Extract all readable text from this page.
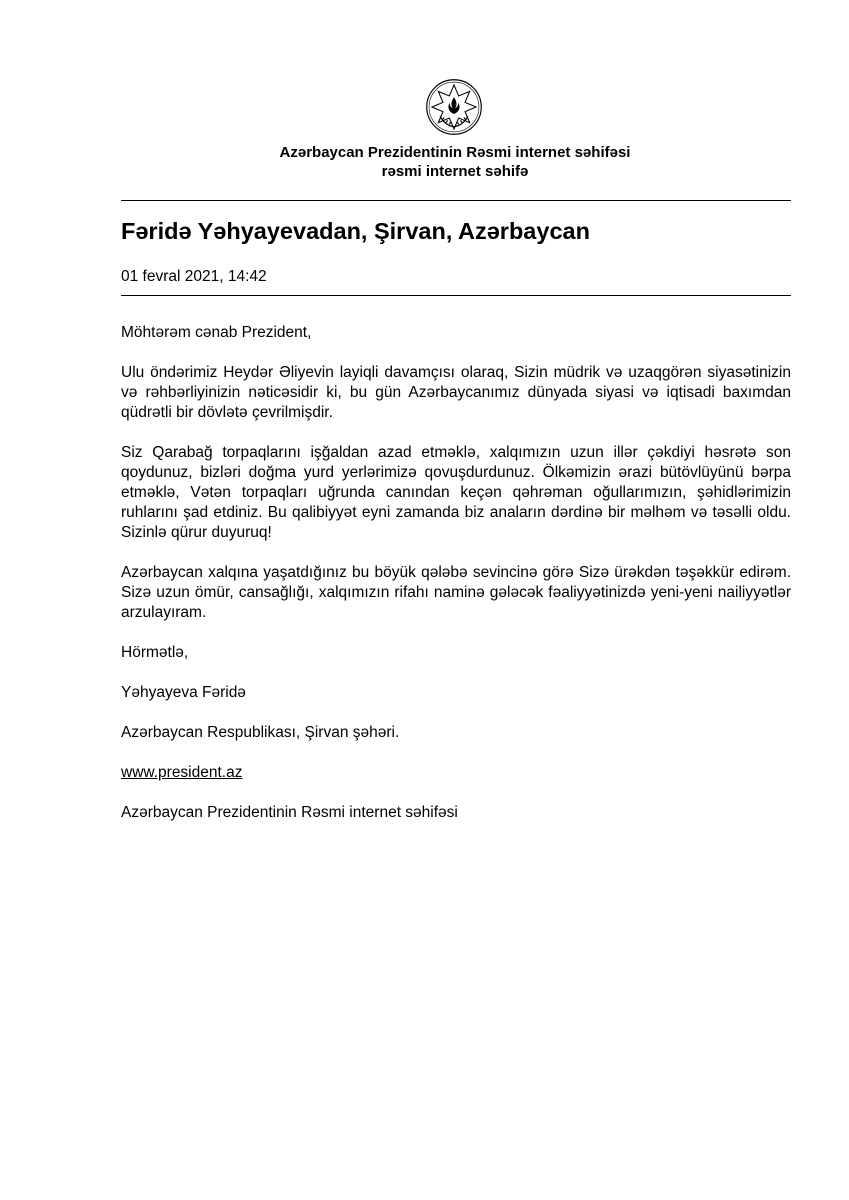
Azərbaycan Prezidentinin Rəsmi internet səhifəsi
rəsmi internet səhifə
Fəridə Yəhyayevadan, Şirvan, Azərbaycan
01 fevral 2021, 14:42
Möhtərəm cənab Prezident,
Ulu öndərimiz Heydər Əliyevin layiqli davamçısı olaraq, Sizin müdrik və uzaqgörən siyasətinizin və rəhbərliyinizin nəticəsidir ki, bu gün Azərbaycanımız dünyada siyasi və iqtisadi baxımdan qüdrətli bir dövlətə çevrilmişdir.
Siz Qarabağ torpaqlarını işğaldan azad etməklə, xalqımızın uzun illər çəkdiyi həsrətə son qoydunuz, bizləri doğma yurd yerlərimizə qovuşdurdunuz. Ölkəmizin ərazi bütövlüyünü bərpa etməklə, Vətən torpaqları uğrunda canından keçən qəhrəman oğullarımızın, şəhidlərimizin ruhlarını şad etdiniz. Bu qalibiyyət eyni zamanda biz anaların dərdinə bir məlhəm və təsəlli oldu. Sizinlə qürur duyuruq!
Azərbaycan xalqına yaşatdığınız bu böyük qələbə sevincinə görə Sizə ürəkdən təşəkkür edirəm. Sizə uzun ömür, cansağlığı, xalqımızın rifahı naminə gələcək fəaliyyətinizdə yeni-yeni nailiyyətlər arzulayıram.
Hörmətlə,
Yəhyayeva Fəridə
Azərbaycan Respublikası, Şirvan şəhəri.
www.president.az
Azərbaycan Prezidentinin Rəsmi internet səhifəsi
